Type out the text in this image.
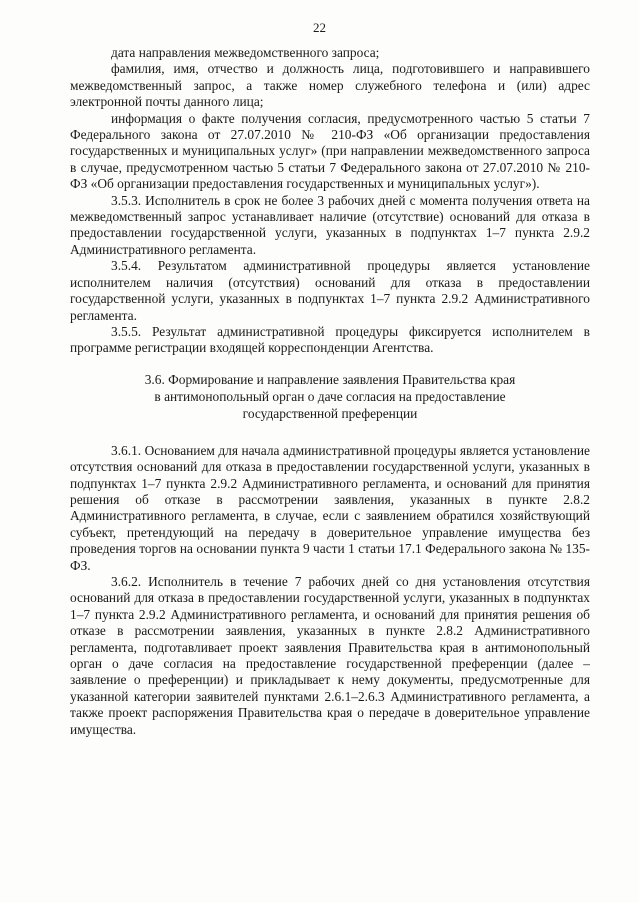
22

дата направления межведомственного запроса;

фамилия, имя, отчество и должность лица, подготовившего и направившего межведомственный запрос, а также номер служебного телефона и (или) адрес электронной почты данного лица;

информация о факте получения согласия, предусмотренного частью 5 статьи 7 Федерального закона от 27.07.2010 № 210-ФЗ «Об организации предоставления государственных и муниципальных услуг» (при направлении межведомственного запроса в случае, предусмотренном частью 5 статьи 7 Федерального закона от 27.07.2010 № 210-ФЗ «Об организации предоставления государственных и муниципальных услуг»).

3.5.3. Исполнитель в срок не более 3 рабочих дней с момента получения ответа на межведомственный запрос устанавливает наличие (отсутствие) оснований для отказа в предоставлении государственной услуги, указанных в подпунктах 1–7 пункта 2.9.2 Административного регламента.

3.5.4. Результатом административной процедуры является установление исполнителем наличия (отсутствия) оснований для отказа в предоставлении государственной услуги, указанных в подпунктах 1–7 пункта 2.9.2 Административного регламента.

3.5.5. Результат административной процедуры фиксируется исполнителем в программе регистрации входящей корреспонденции Агентства.

3.6. Формирование и направление заявления Правительства края
в антимонопольный орган о даче согласия на предоставление
государственной преференции

3.6.1. Основанием для начала административной процедуры является установление отсутствия оснований для отказа в предоставлении государственной услуги, указанных в подпунктах 1–7 пункта 2.9.2 Административного регламента, и оснований для принятия решения об отказе в рассмотрении заявления, указанных в пункте 2.8.2 Административного регламента, в случае, если с заявлением обратился хозяйствующий субъект, претендующий на передачу в доверительное управление имущества без проведения торгов на основании пункта 9 части 1 статьи 17.1 Федерального закона № 135-ФЗ.

3.6.2. Исполнитель в течение 7 рабочих дней со дня установления отсутствия оснований для отказа в предоставлении государственной услуги, указанных в подпунктах 1–7 пункта 2.9.2 Административного регламента, и оснований для принятия решения об отказе в рассмотрении заявления, указанных в пункте 2.8.2 Административного регламента, подготавливает проект заявления Правительства края в антимонопольный орган о даче согласия на предоставление государственной преференции (далее – заявление о преференции) и прикладывает к нему документы, предусмотренные для указанной категории заявителей пунктами 2.6.1–2.6.3 Административного регламента, а также проект распоряжения Правительства края о передаче в доверительное управление имущества.
